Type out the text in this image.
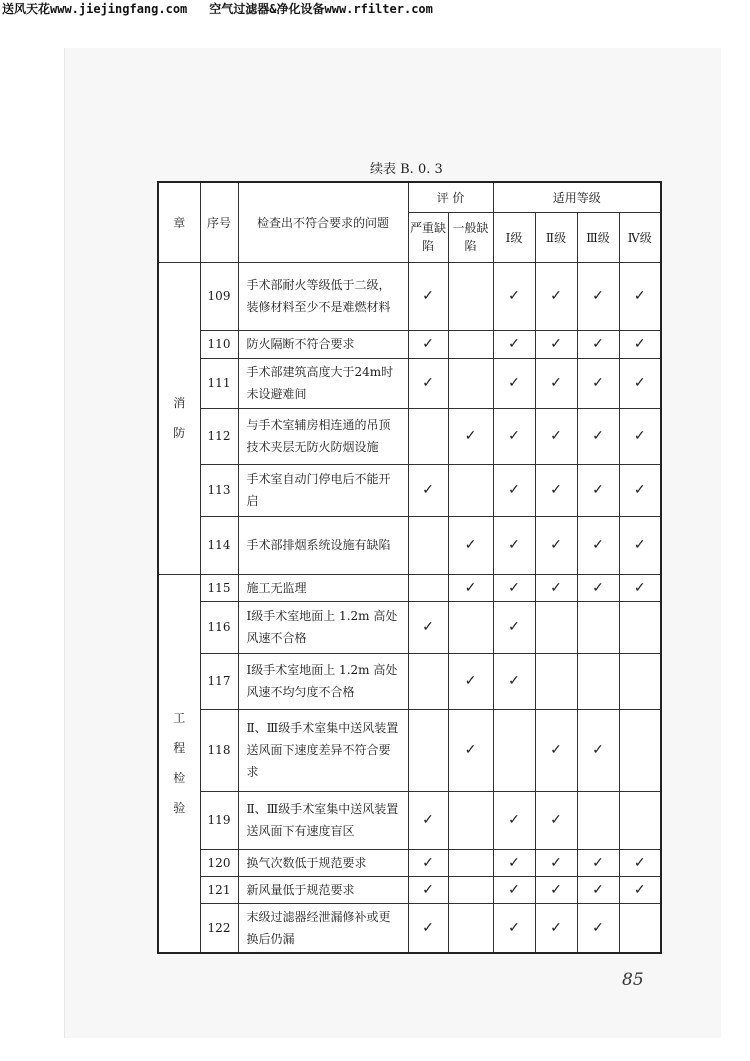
送风天花www.jiejingfang.com 空气过滤器&净化设备www.rfilter.com
续表 B. 0. 3
章	序号	检查出不符合要求的问题	评 价		适用等级			
			严重缺陷	一般缺陷	Ⅰ级	Ⅱ级	Ⅲ级	Ⅳ级

消
防	109	手术部耐火等级低于二级，装修材料至少不是难燃材料	✓		✓	✓	✓	✓
	110	防火隔断不符合要求	✓		✓	✓	✓	✓
	111	手术部建筑高度大于24m时未设避难间	✓		✓	✓	✓	✓
	112	与手术室辅房相连通的吊顶技术夹层无防火防烟设施		✓	✓	✓	✓	✓
	113	手术室自动门停电后不能开启	✓		✓	✓	✓	✓
	114	手术部排烟系统设施有缺陷		✓	✓	✓	✓	✓

工
程
检
验	115	施工无监理		✓	✓	✓	✓	✓
	116	Ⅰ级手术室地面上 1.2m 高处风速不合格	✓		✓			
	117	Ⅰ级手术室地面上 1.2m 高处风速不均匀度不合格		✓	✓			
	118	Ⅱ、Ⅲ级手术室集中送风装置送风面下速度差异不符合要求		✓		✓	✓	
	119	Ⅱ、Ⅲ级手术室集中送风装置送风面下有速度盲区	✓		✓	✓		
	120	换气次数低于规范要求	✓		✓	✓	✓	✓
	121	新风量低于规范要求	✓		✓	✓	✓	✓
	122	末级过滤器经泄漏修补或更换后仍漏	✓		✓	✓	✓	
85
